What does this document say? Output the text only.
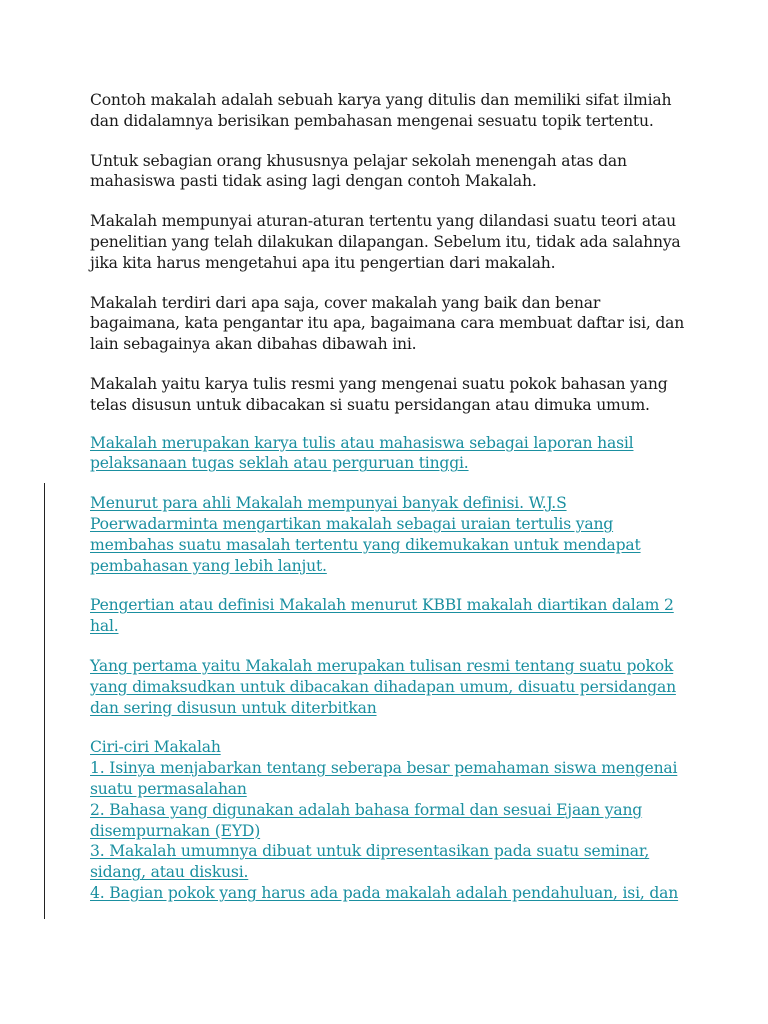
Contoh makalah adalah sebuah karya yang ditulis dan memiliki sifat ilmiah dan didalamnya berisikan pembahasan mengenai sesuatu topik tertentu.

Untuk sebagian orang khususnya pelajar sekolah menengah atas dan mahasiswa pasti tidak asing lagi dengan contoh Makalah.

Makalah mempunyai aturan-aturan tertentu yang dilandasi suatu teori atau penelitian yang telah dilakukan dilapangan. Sebelum itu, tidak ada salahnya jika kita harus mengetahui apa itu pengertian dari makalah.

Makalah terdiri dari apa saja, cover makalah yang baik dan benar bagaimana, kata pengantar itu apa, bagaimana cara membuat daftar isi, dan lain sebagainya akan dibahas dibawah ini.

Makalah yaitu karya tulis resmi yang mengenai suatu pokok bahasan yang telas disusun untuk dibacakan si suatu persidangan atau dimuka umum.

Makalah merupakan karya tulis atau mahasiswa sebagai laporan hasil pelaksanaan tugas seklah atau perguruan tinggi.

Menurut para ahli Makalah mempunyai banyak definisi. W.J.S Poerwadarminta mengartikan makalah sebagai uraian tertulis yang membahas suatu masalah tertentu yang dikemukakan untuk mendapat pembahasan yang lebih lanjut.

Pengertian atau definisi Makalah menurut KBBI makalah diartikan dalam 2 hal.

Yang pertama yaitu Makalah merupakan tulisan resmi tentang suatu pokok yang dimaksudkan untuk dibacakan dihadapan umum, disuatu persidangan dan sering disusun untuk diterbitkan

Ciri-ciri Makalah
1. Isinya menjabarkan tentang seberapa besar pemahaman siswa mengenai suatu permasalahan
2. Bahasa yang digunakan adalah bahasa formal dan sesuai Ejaan yang disempurnakan (EYD)
3. Makalah umumnya dibuat untuk dipresentasikan pada suatu seminar, sidang, atau diskusi.
4. Bagian pokok yang harus ada pada makalah adalah pendahuluan, isi, dan
